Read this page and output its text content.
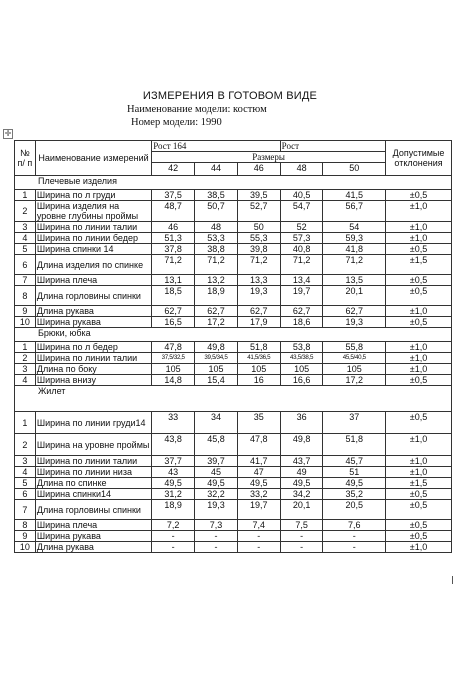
ИЗМЕРЕНИЯ В ГОТОВОМ ВИДЕ
Наименование модели: костюм
Номер модели: 1990
✛
№ п/ п	Наименование измерений	Рост 164			Рост		Допустимые отклонения
		Размеры					
		42	44	46	48	50	
Плечевые изделия							
1	Ширина по л груди	37,5	38,5	39,5	40,5	41,5	±0,5
2	Ширина изделия на уровне глубины проймы	48,7	50,7	52,7	54,7	56,7	±1,0
3	Ширина по линии талии	46	48	50	52	54	±1,0
4	Ширина по линии бедер	51,3	53,3	55,3	57,3	59,3	±1,0
5	Ширина спинки 14	37,8	38,8	39,8	40,8	41,8	±0,5
6	Длина изделия по спинке	71,2	71,2	71,2	71,2	71,2	±1,5
7	Ширина плеча	13,1	13,2	13,3	13,4	13,5	±0,5
8	Длина горловины спинки	18,5	18,9	19,3	19,7	20,1	±0,5
9	Длина рукава	62,7	62,7	62,7	62,7	62,7	±1,0
10	Ширина рукава	16,5	17,2	17,9	18,6	19,3	±0,5
Брюки, юбка							
1	Ширина по л бедер	47,8	49,8	51,8	53,8	55,8	±1,0
2	Ширина по линии талии	37,5/32,5	39,5/34,5	41,5/36,5	43,5/38,5	45,5/40,5	±1,0
3	Длина по боку	105	105	105	105	105	±1,0
4	Ширина внизу	14,8	15,4	16	16,6	17,2	±0,5
Жилет							
1	Ширина по линии груди14	33	34	35	36	37	±0,5
2	Ширина на уровне проймы	43,8	45,8	47,8	49,8	51,8	±1,0
3	Ширина по линии талии	37,7	39,7	41,7	43,7	45,7	±1,0
4	Ширина по линии низа	43	45	47	49	51	±1,0
5	Длина по спинке	49,5	49,5	49,5	49,5	49,5	±1,5
6	Ширина спинки14	31,2	32,2	33,2	34,2	35,2	±0,5
7	Длина горловины спинки	18,9	19,3	19,7	20,1	20,5	±0,5
8	Ширина плеча	7,2	7,3	7,4	7,5	7,6	±0,5
9	Ширина рукава	-	-	-	-	-	±0,5
10	Длина рукава	-	-	-	-	-	±1,0
